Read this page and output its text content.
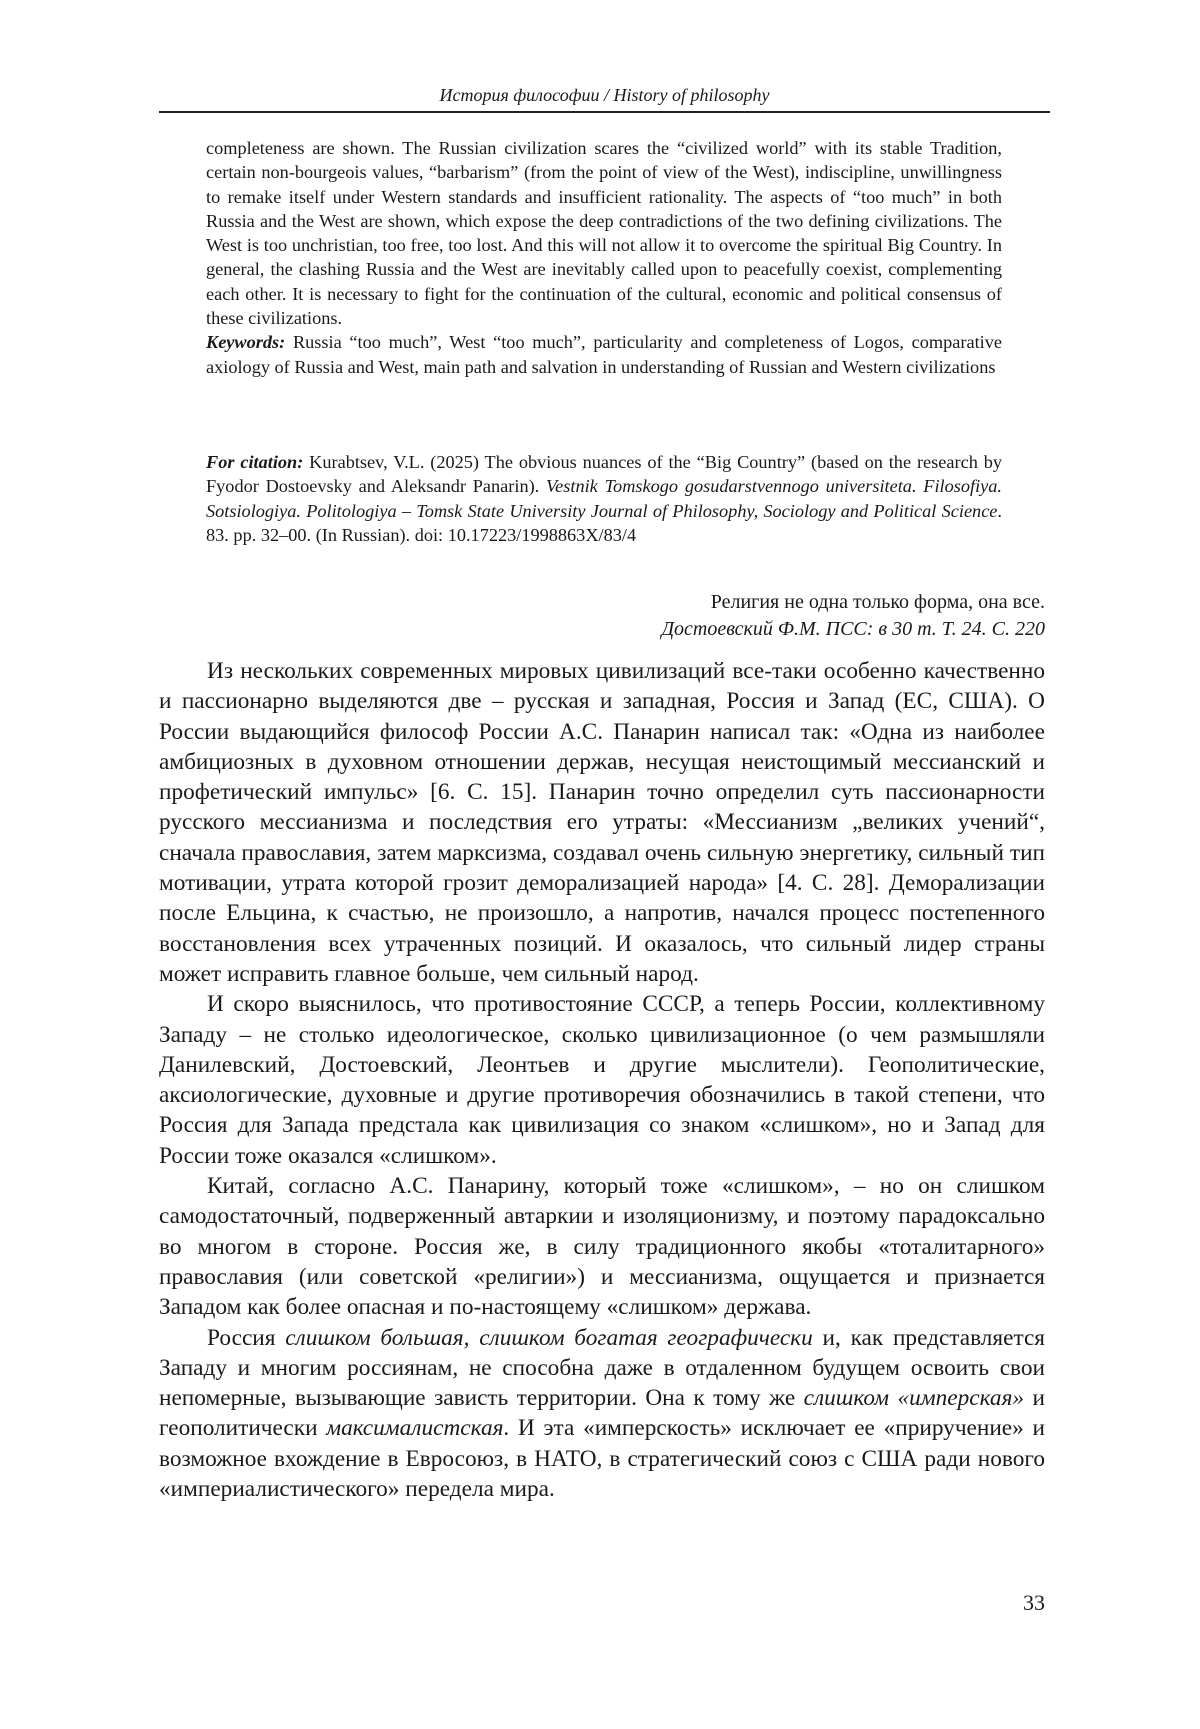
История философии / History of philosophy

completeness are shown. The Russian civilization scares the “civilized world” with its stable Tradition, certain non-bourgeois values, “barbarism” (from the point of view of the West), indiscipline, unwillingness to remake itself under Western standards and insufficient rationality. The aspects of “too much” in both Russia and the West are shown, which expose the deep contradictions of the two defining civilizations. The West is too unchristian, too free, too lost. And this will not allow it to overcome the spiritual Big Country. In general, the clashing Russia and the West are inevitably called upon to peacefully coexist, complementing each other. It is necessary to fight for the continuation of the cultural, economic and political consensus of these civilizations.

Keywords: Russia “too much”, West “too much”, particularity and completeness of Logos, comparative axiology of Russia and West, main path and salvation in understanding of Russian and Western civilizations

For citation: Kurabtsev, V.L. (2025) The obvious nuances of the “Big Country” (based on the research by Fyodor Dostoevsky and Aleksandr Panarin). Vestnik Tomskogo gosudarstvennogo universiteta. Filosofiya. Sotsiologiya. Politologiya – Tomsk State University Journal of Philosophy, Sociology and Political Science. 83. pp. 32–00. (In Russian). doi: 10.17223/1998863X/83/4

Религия не одна только форма, она все.

Достоевский Ф.М. ПСС: в 30 т. Т. 24. С. 220

Из нескольких современных мировых цивилизаций все-таки особенно качественно и пассионарно выделяются две – русская и западная, Россия и Запад (ЕС, США). О России выдающийся философ России А.С. Панарин написал так: «Одна из наиболее амбициозных в духовном отношении держав, несущая неистощимый мессианский и профетический импульс» [6. С. 15]. Панарин точно определил суть пассионарности русского мессианизма и последствия его утраты: «Мессианизм „великих учений“, сначала православия, затем марксизма, создавал очень сильную энергетику, сильный тип мотивации, утрата которой грозит деморализацией народа» [4. С. 28]. Деморализации после Ельцина, к счастью, не произошло, а напротив, начался процесс постепенного восстановления всех утраченных позиций. И оказалось, что сильный лидер страны может исправить главное больше, чем сильный народ.

И скоро выяснилось, что противостояние СССР, а теперь России, коллективному Западу – не столько идеологическое, сколько цивилизационное (о чем размышляли Данилевский, Достоевский, Леонтьев и другие мыслители). Геополитические, аксиологические, духовные и другие противоречия обозначились в такой степени, что Россия для Запада предстала как цивилизация со знаком «слишком», но и Запад для России тоже оказался «слишком».

Китай, согласно А.С. Панарину, который тоже «слишком», – но он слишком самодостаточный, подверженный автаркии и изоляционизму, и поэтому парадоксально во многом в стороне. Россия же, в силу традиционного якобы «тоталитарного» православия (или советской «религии») и мессианизма, ощущается и признается Западом как более опасная и по-настоящему «слишком» держава.

Россия слишком большая, слишком богатая географически и, как представляется Западу и многим россиянам, не способна даже в отдаленном будущем освоить свои непомерные, вызывающие зависть территории. Она к тому же слишком «имперская» и геополитически максималистская. И эта «имперскость» исключает ее «приручение» и возможное вхождение в Евросоюз, в НАТО, в стратегический союз с США ради нового «империалистического» передела мира.

33
